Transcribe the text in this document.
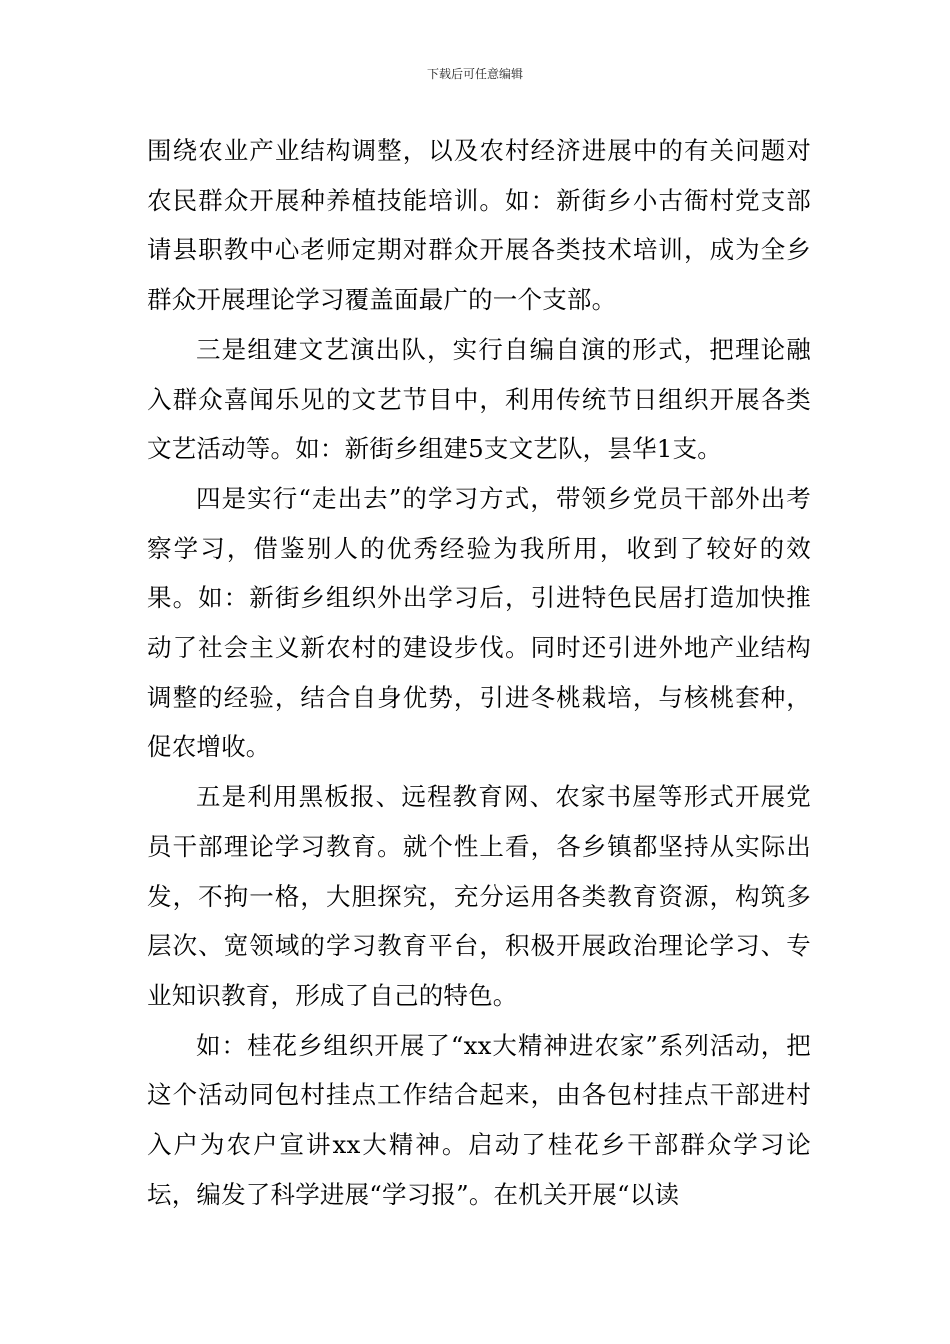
下载后可任意编辑

围绕农业产业结构调整，以及农村经济进展中的有关问题对农民群众开展种养植技能培训。如：新街乡小古衙村党支部请县职教中心老师定期对群众开展各类技术培训，成为全乡群众开展理论学习覆盖面最广的一个支部。

三是组建文艺演出队，实行自编自演的形式，把理论融入群众喜闻乐见的文艺节目中，利用传统节日组织开展各类文艺活动等。如：新街乡组建5支文艺队，昙华1支。

四是实行“走出去”的学习方式，带领乡党员干部外出考察学习，借鉴别人的优秀经验为我所用，收到了较好的效果。如：新街乡组织外出学习后，引进特色民居打造加快推动了社会主义新农村的建设步伐。同时还引进外地产业结构调整的经验，结合自身优势，引进冬桃栽培，与核桃套种，促农增收。

五是利用黑板报、远程教育网、农家书屋等形式开展党员干部理论学习教育。就个性上看，各乡镇都坚持从实际出发，不拘一格，大胆探究，充分运用各类教育资源，构筑多层次、宽领域的学习教育平台，积极开展政治理论学习、专业知识教育，形成了自己的特色。

如：桂花乡组织开展了“xx大精神进农家”系列活动，把这个活动同包村挂点工作结合起来，由各包村挂点干部进村入户为农户宣讲xx大精神。启动了桂花乡干部群众学习论坛，编发了科学进展“学习报”。在机关开展“以读
